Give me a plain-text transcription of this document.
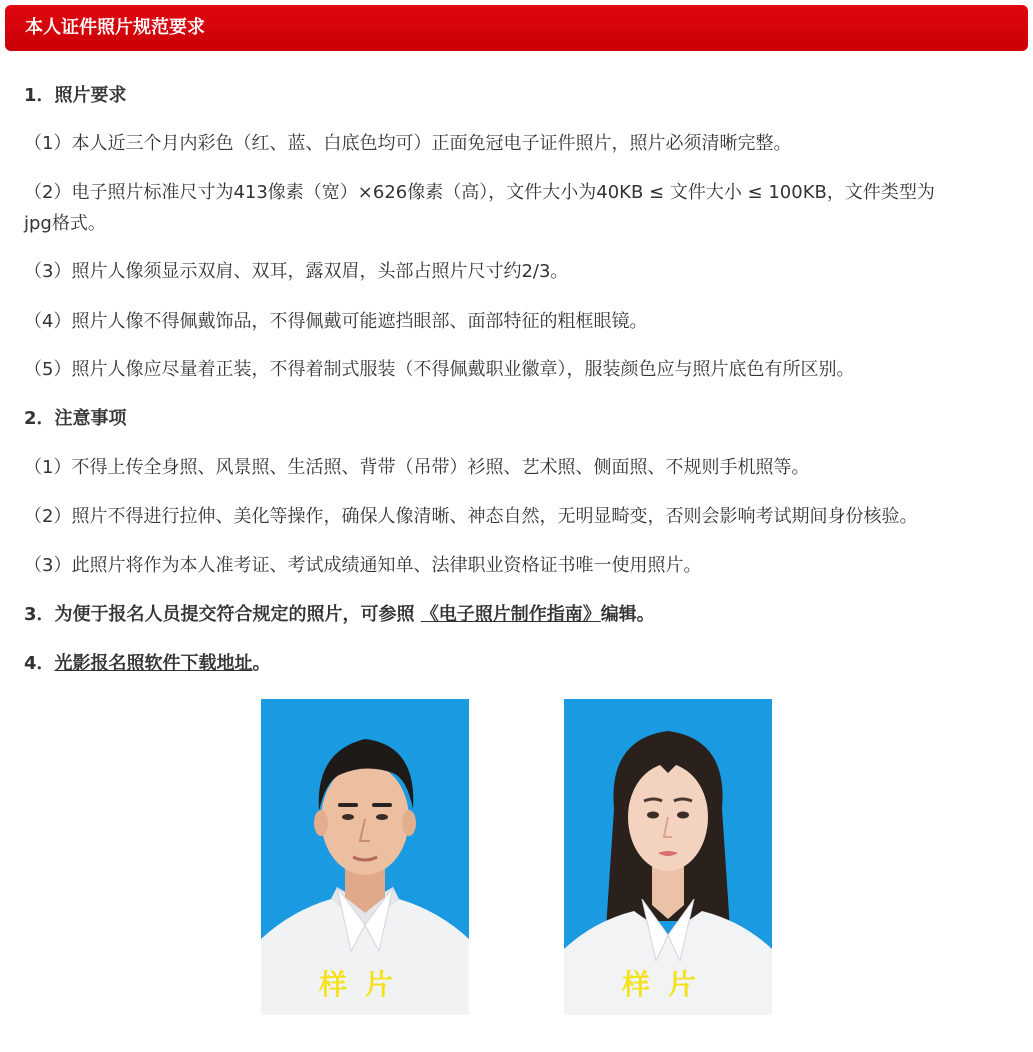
本人证件照片规范要求
1．照片要求
（1）本人近三个月内彩色（红、蓝、白底色均可）正面免冠电子证件照片，照片必须清晰完整。
（2）电子照片标准尺寸为413像素（宽）×626像素（高），文件大小为40KB ≤ 文件大小 ≤ 100KB，文件类型为
jpg格式。
（3）照片人像须显示双肩、双耳，露双眉，头部占照片尺寸约2/3。
（4）照片人像不得佩戴饰品，不得佩戴可能遮挡眼部、面部特征的粗框眼镜。
（5）照片人像应尽量着正装，不得着制式服装（不得佩戴职业徽章），服装颜色应与照片底色有所区别。
2．注意事项
（1）不得上传全身照、风景照、生活照、背带（吊带）衫照、艺术照、侧面照、不规则手机照等。
（2）照片不得进行拉伸、美化等操作，确保人像清晰、神态自然，无明显畸变，否则会影响考试期间身份核验。
（3）此照片将作为本人准考证、考试成绩通知单、法律职业资格证书唯一使用照片。
3．为便于报名人员提交符合规定的照片，可参照 《电子照片制作指南》编辑。
4．光影报名照软件下载地址。
样片	样片
